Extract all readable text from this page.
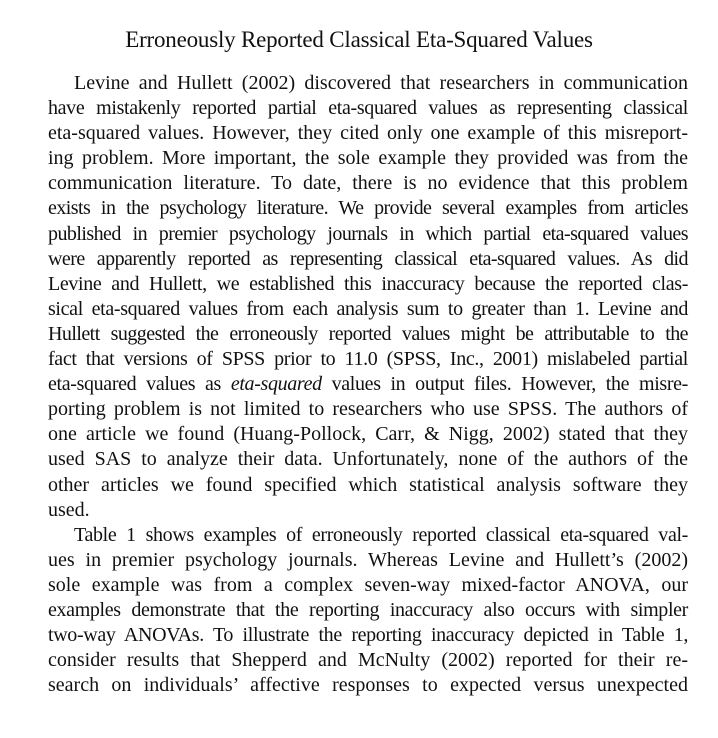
Erroneously Reported Classical Eta-Squared Values
Levine and Hullett (2002) discovered that researchers in communication
have mistakenly reported partial eta-squared values as representing classical
eta-squared values. However, they cited only one example of this misreport-
ing problem. More important, the sole example they provided was from the
communication literature. To date, there is no evidence that this problem
exists in the psychology literature. We provide several examples from articles
published in premier psychology journals in which partial eta-squared values
were apparently reported as representing classical eta-squared values. As did
Levine and Hullett, we established this inaccuracy because the reported clas-
sical eta-squared values from each analysis sum to greater than 1. Levine and
Hullett suggested the erroneously reported values might be attributable to the
fact that versions of SPSS prior to 11.0 (SPSS, Inc., 2001) mislabeled partial
eta-squared values as eta-squared values in output files. However, the misre-
porting problem is not limited to researchers who use SPSS. The authors of
one article we found (Huang-Pollock, Carr, & Nigg, 2002) stated that they
used SAS to analyze their data. Unfortunately, none of the authors of the
other articles we found specified which statistical analysis software they
used.
Table 1 shows examples of erroneously reported classical eta-squared val-
ues in premier psychology journals. Whereas Levine and Hullett’s (2002)
sole example was from a complex seven-way mixed-factor ANOVA, our
examples demonstrate that the reporting inaccuracy also occurs with simpler
two-way ANOVAs. To illustrate the reporting inaccuracy depicted in Table 1,
consider results that Shepperd and McNulty (2002) reported for their re-
search on individuals’ affective responses to expected versus unexpected
